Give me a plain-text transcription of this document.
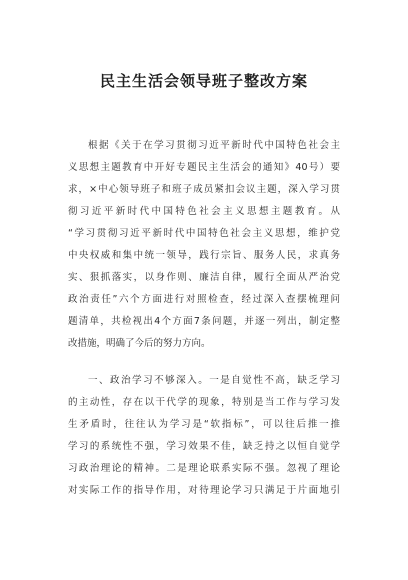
民主生活会领导班子整改方案
根据《关于在学习贯彻习近平新时代中国特色社会主
义思想主题教育中开好专题民主生活会的通知》40号）要
求，×中心领导班子和班子成员紧扣会议主题，深入学习贯
彻习近平新时代中国特色社会主义思想主题教育。从
“学习贯彻习近平新时代中国特色社会主义思想，维护党
中央权威和集中统一领导，践行宗旨、服务人民，求真务
实、狠抓落实，以身作则、廉洁自律，履行全面从严治党
政治责任”六个方面进行对照检查，经过深入查摆梳理问
题清单，共检视出4个方面7条问题，并逐一列出，制定整
改措施，明确了今后的努力方向。
一、政治学习不够深入。一是自觉性不高，缺乏学习
的主动性，存在以干代学的现象，特别是当工作与学习发
生矛盾时，往往认为学习是“软指标”，可以往后推一推
学习的系统性不强，学习效果不佳，缺乏持之以恒自觉学
习政治理论的精神。二是理论联系实际不强。忽视了理论
对实际工作的指导作用，对待理论学习只满足于片面地引
